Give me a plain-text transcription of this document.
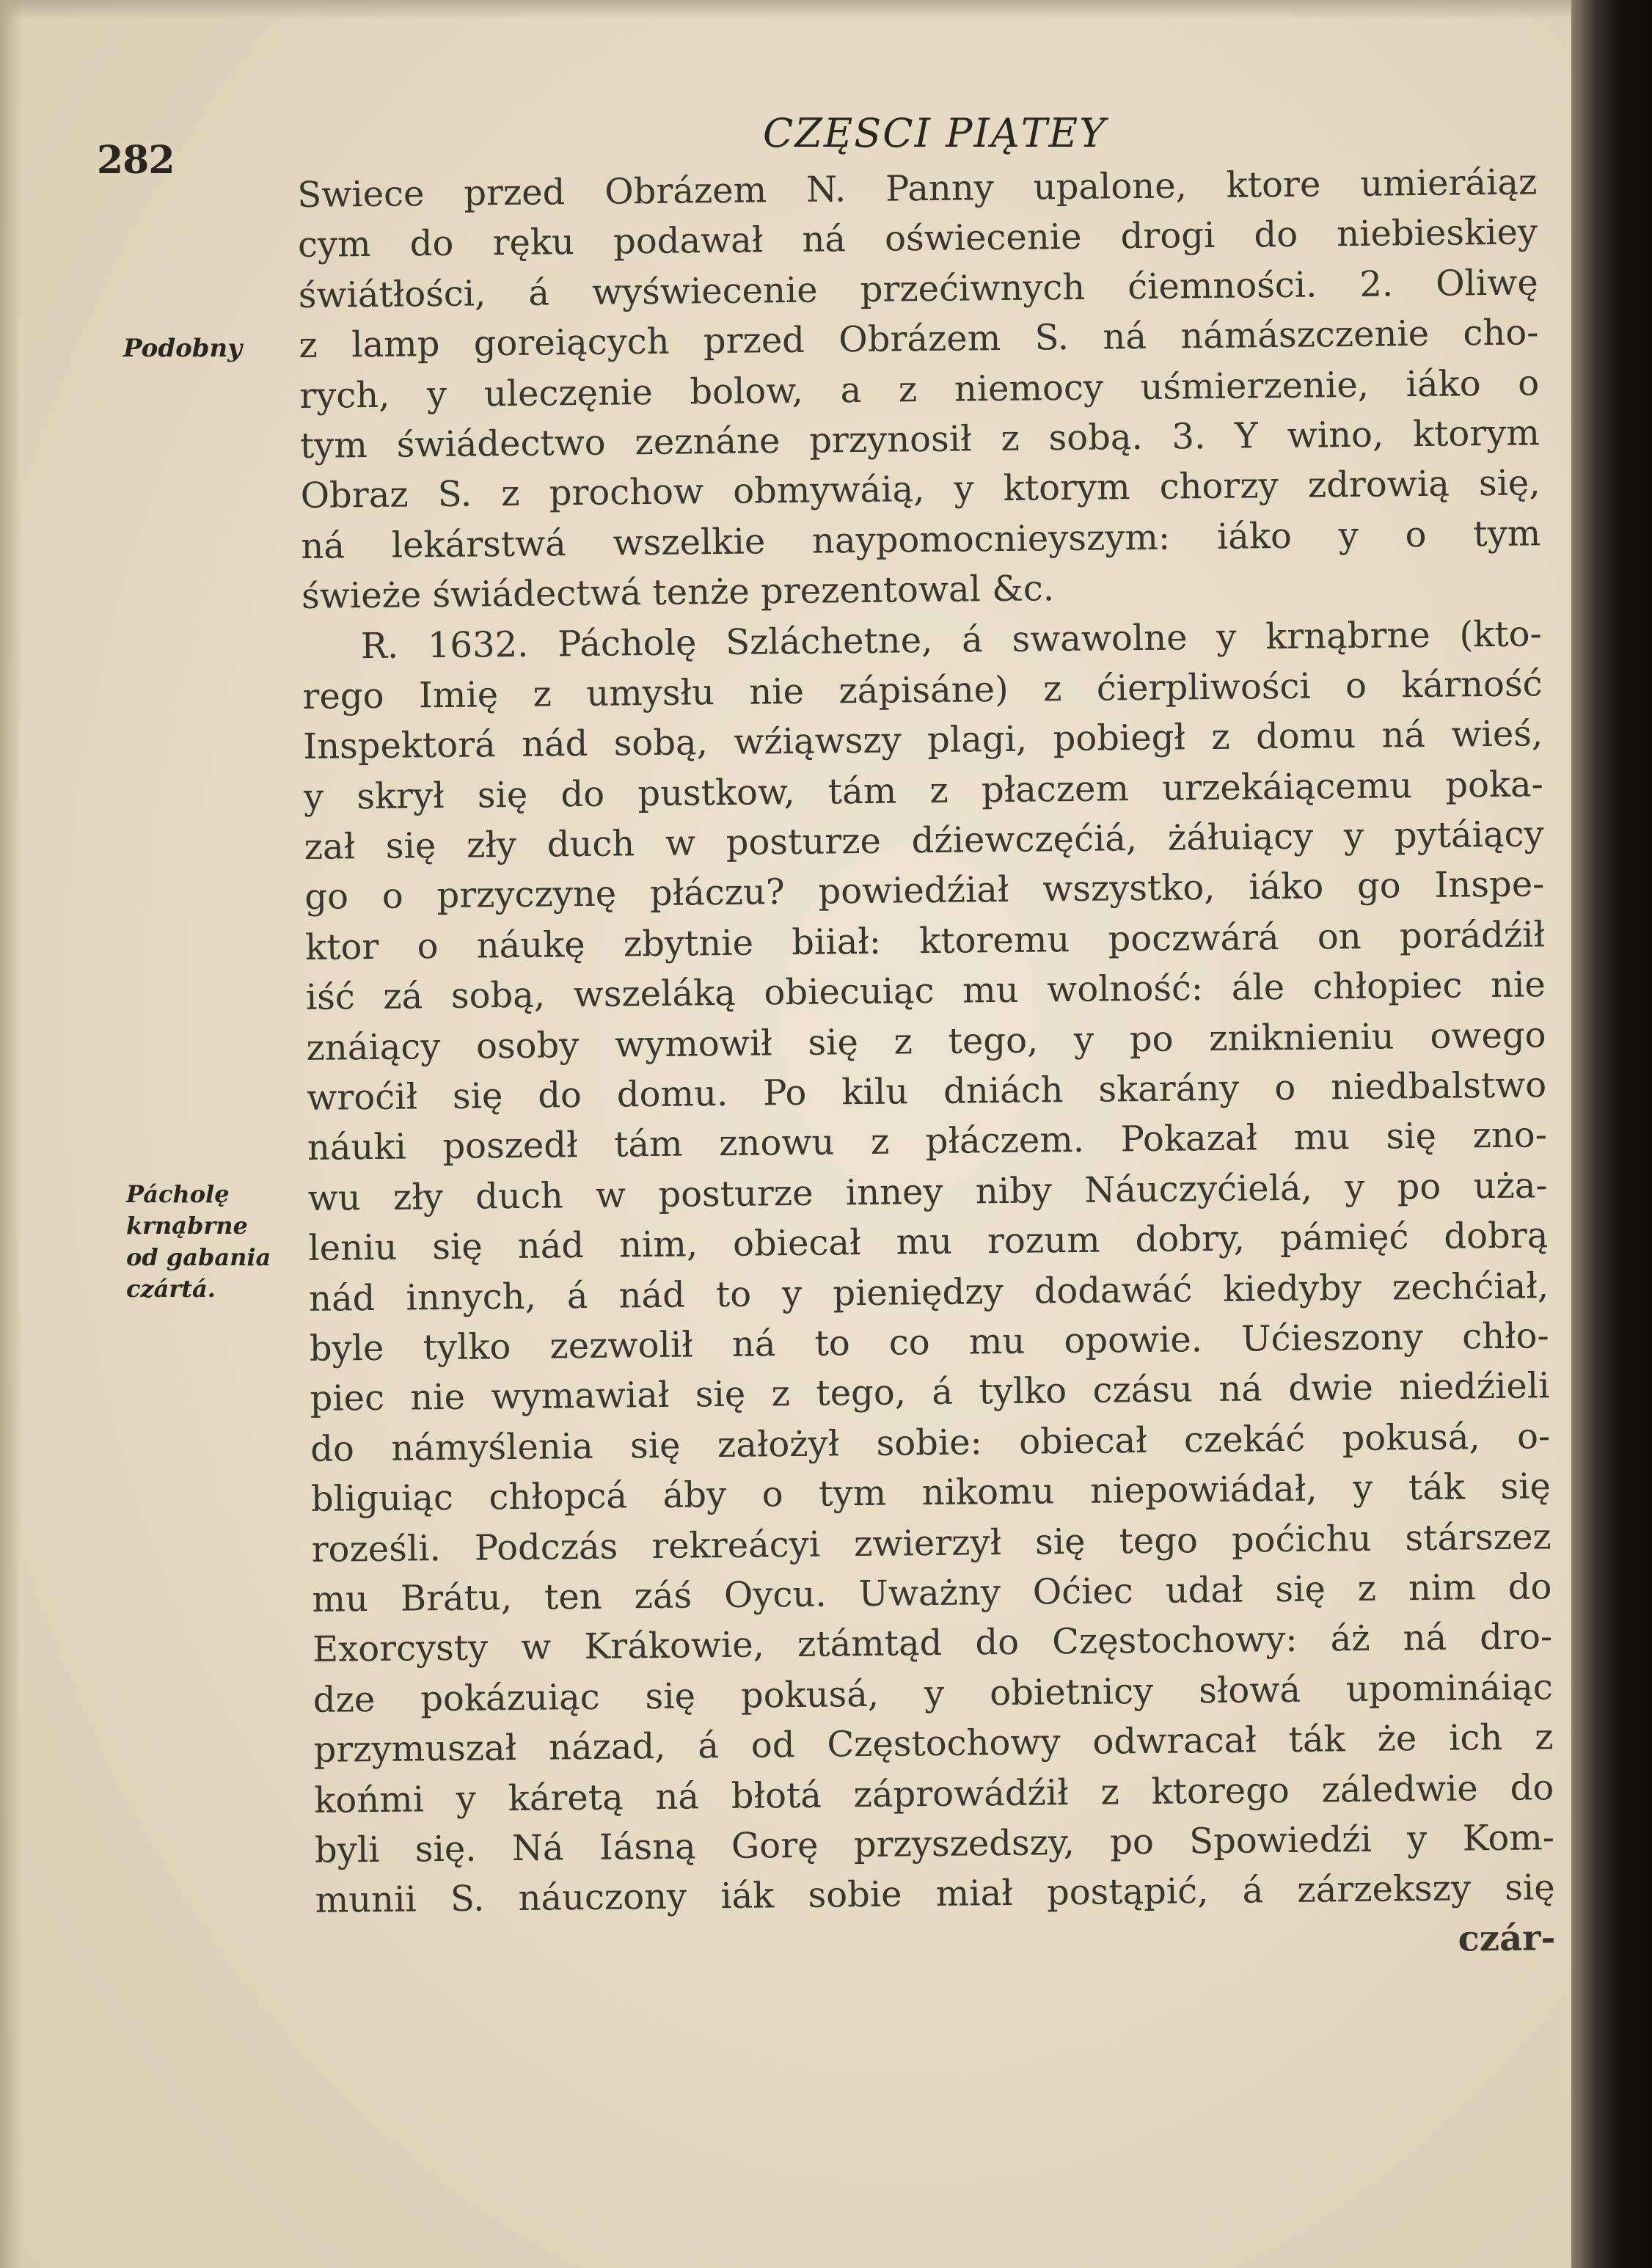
282
CZĘSCI PIĄTEY
Podobny
Pácholę
krnąbrne
od gabania
czártá.
Swiece przed Obrázem N. Panny upalone, ktore umieráiąz
cym do ręku podawał ná oświecenie drogi do niebieskiey
świátłości, á wyświecenie przećiwnych ćiemności. 2. Oliwę
z lamp goreiących przed Obrázem S. ná námászczenie cho-
rych, y uleczęnie bolow, a z niemocy uśmierzenie, iáko o
tym świádectwo zeznáne przynosił z sobą. 3. Y wino, ktorym
Obraz S. z prochow obmywáią, y ktorym chorzy zdrowią się,
ná lekárstwá wszelkie naypomocnieyszym: iáko y o tym
świeże świádectwá tenże prezentowal &c.
R. 1632. Pácholę Szláchetne, á swawolne y krnąbrne (kto-
rego Imię z umysłu nie zápisáne) z ćierpliwości o kárność
Inspektorá nád sobą, wźiąwszy plagi, pobiegł z domu ná wieś,
y skrył się do pustkow, tám z płaczem urzekáiącemu poka-
zał się zły duch w posturze dźiewczęćiá, żáłuiący y pytáiący
go o przyczynę płáczu? powiedźiał wszystko, iáko go Inspe-
ktor o náukę zbytnie biiał: ktoremu poczwárá on porádźił
iść zá sobą, wszeláką obiecuiąc mu wolność: ále chłopiec nie
znáiący osoby wymowił się z tego, y po zniknieniu owego
wroćił się do domu. Po kilu dniách skarány o niedbalstwo
náuki poszedł tám znowu z płáczem. Pokazał mu się zno-
wu zły duch w posturze inney niby Náuczyćielá, y po uża-
leniu się nád nim, obiecał mu rozum dobry, pámięć dobrą
nád innych, á nád to y pieniędzy dodawáć kiedyby zechćiał,
byle tylko zezwolił ná to co mu opowie. Ućieszony chło-
piec nie wymawiał się z tego, á tylko czásu ná dwie niedźieli
do námyślenia się założył sobie: obiecał czekáć pokusá, o-
bliguiąc chłopcá áby o tym nikomu niepowiádał, y ták się
roześli. Podczás rekreácyi zwierzył się tego poćichu stárszez
mu Brátu, ten záś Oycu. Uważny Oćiec udał się z nim do
Exorcysty w Krákowie, ztámtąd do Częstochowy: áż ná dro-
dze pokázuiąc się pokusá, y obietnicy słowá upomináiąc
przymuszał názad, á od Częstochowy odwracał ták że ich z
końmi y káretą ná błotá záprowádźił z ktorego záledwie do
byli się. Ná Iásną Gorę przyszedszy, po Spowiedźi y Kom-
munii S. náuczony iák sobie miał postąpić, á zárzekszy się
czár-
